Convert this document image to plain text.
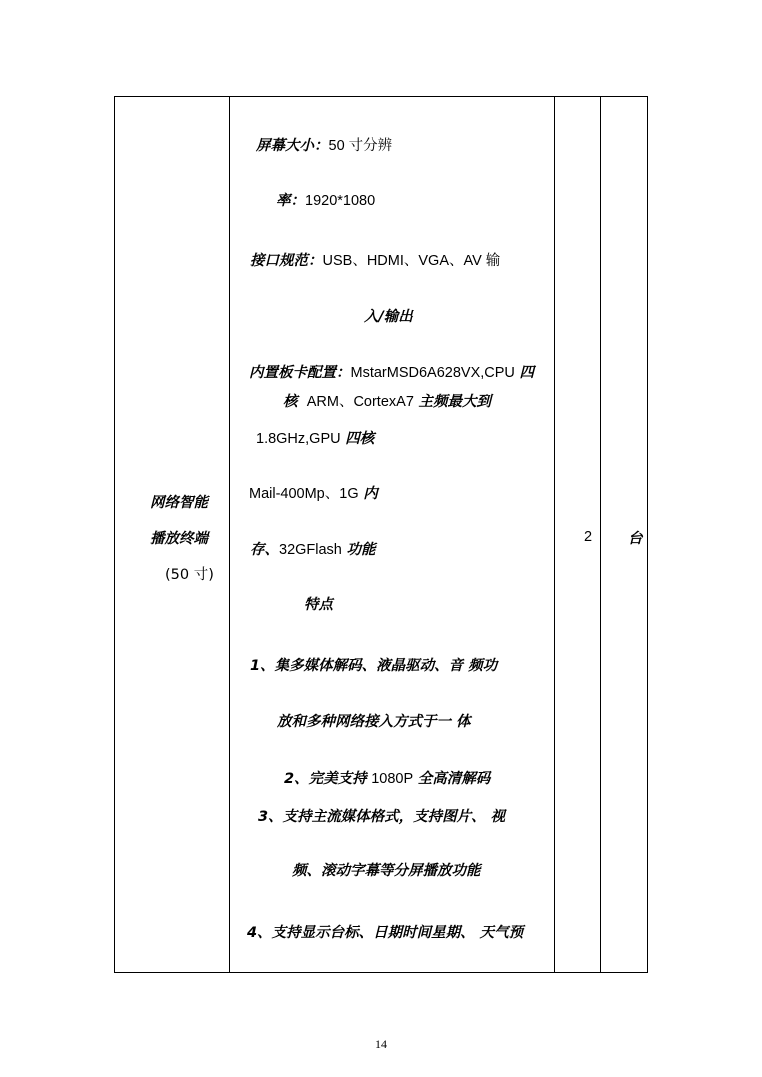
网络智能
播放终端
(50 寸)
屏幕大小：50 寸分辨
率：1920*1080
接口规范：USB、HDMI、VGA、AV 输
入/输出
内置板卡配置：MstarMSD6A628VX,CPU 四
核 ARM、CortexA7 主频最大到
1.8GHz,GPU 四核
Mail-400Mp、1G 内
存、32GFlash 功能
特点
1、集多媒体解码、液晶驱动、音 频功
放和多种网络接入方式于一 体
2、完美支持 1080P 全高清解码
3、支持主流媒体格式，支持图片、 视
频、滚动字幕等分屏播放功能
4、支持显示台标、日期时间星期、 天气预
2 台
14
